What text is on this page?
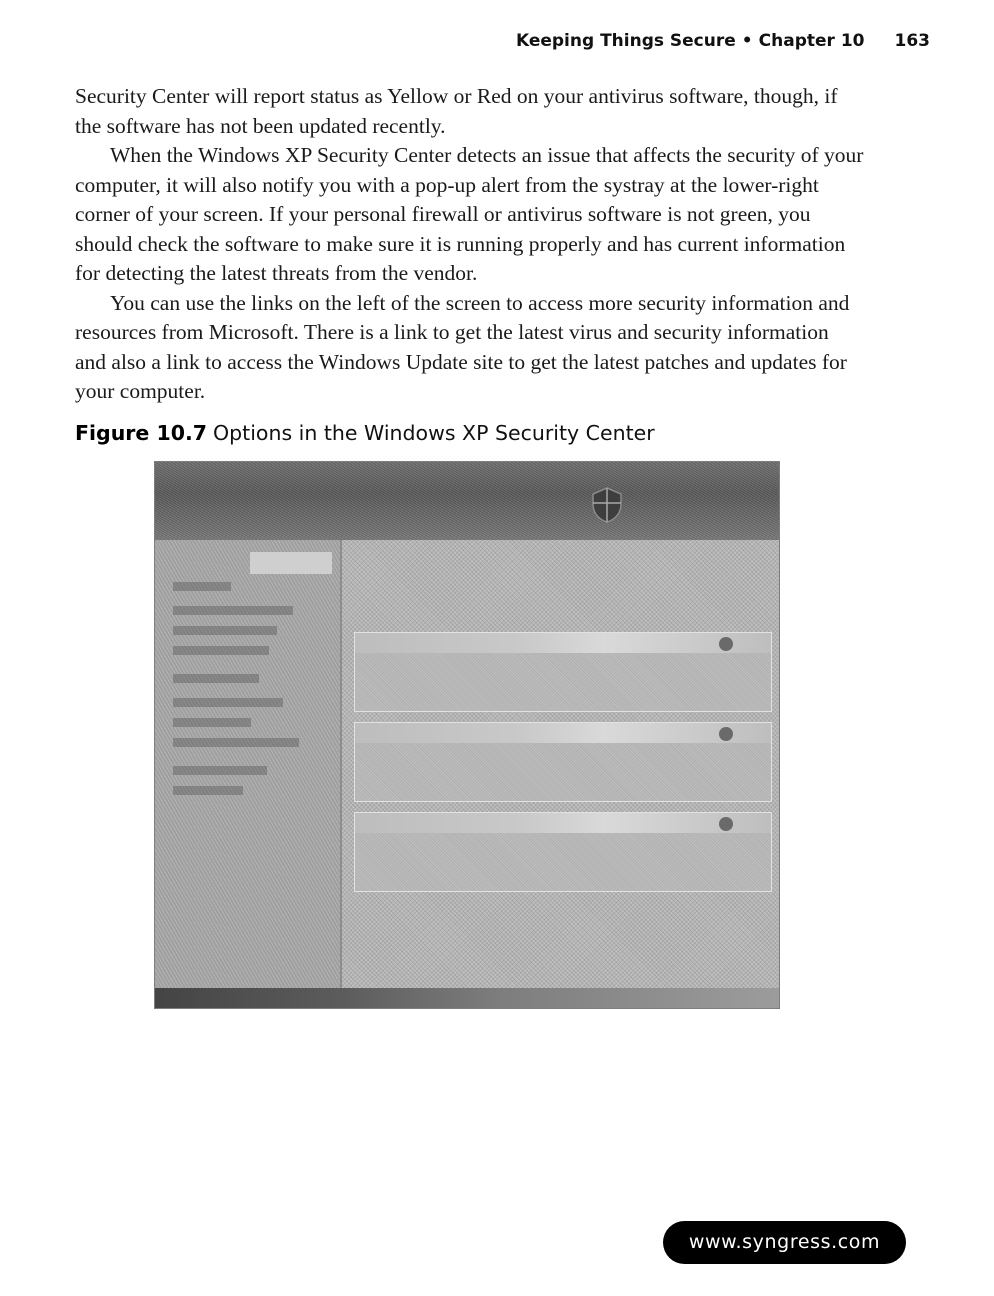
Keeping Things Secure • Chapter 10 163

Security Center will report status as Yellow or Red on your antivirus software, though, if the software has not been updated recently.

When the Windows XP Security Center detects an issue that affects the security of your computer, it will also notify you with a pop-up alert from the systray at the lower-right corner of your screen. If your personal firewall or antivirus software is not green, you should check the software to make sure it is running properly and has current information for detecting the latest threats from the vendor.

You can use the links on the left of the screen to access more security information and resources from Microsoft. There is a link to get the latest virus and security information and also a link to access the Windows Update site to get the latest patches and updates for your computer.

Figure 10.7 Options in the Windows XP Security Center
www.syngress.com
